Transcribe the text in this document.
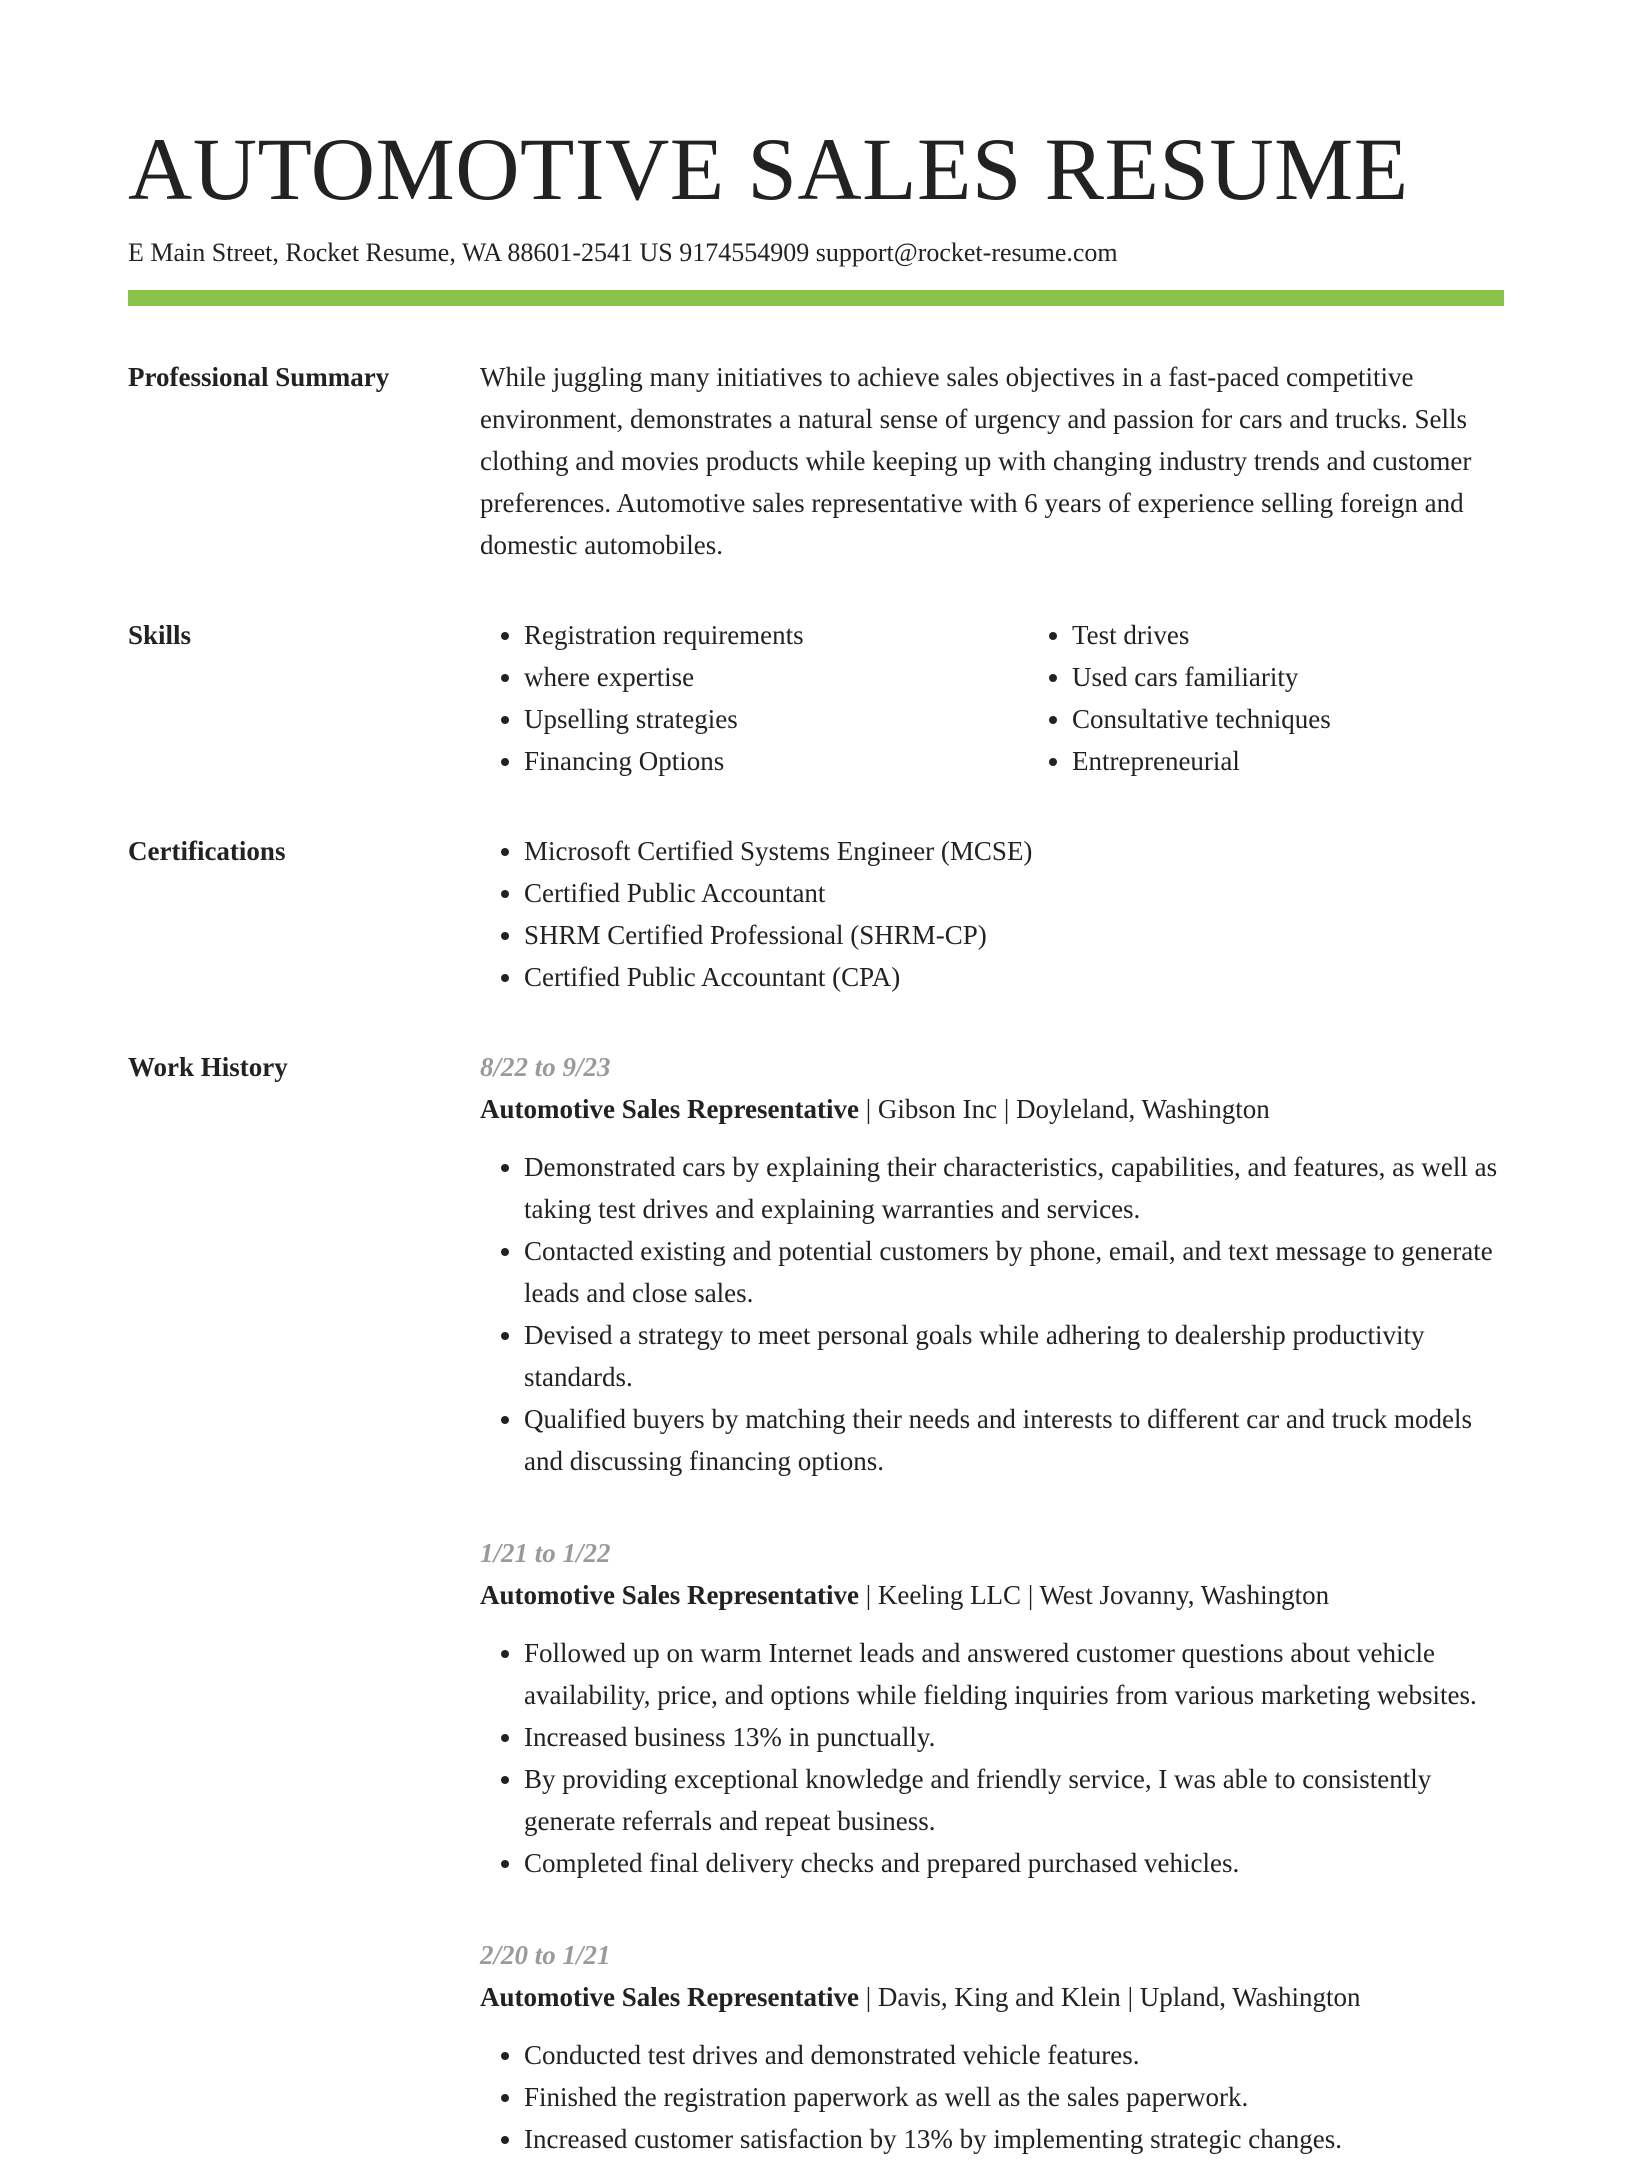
AUTOMOTIVE SALES RESUME
E Main Street, Rocket Resume, WA 88601-2541 US 9174554909 support@rocket-resume.com
Professional Summary	While juggling many initiatives to achieve sales objectives in a fast-paced competitive environment, demonstrates a natural sense of urgency and passion for cars and trucks. Sells clothing and movies products while keeping up with changing industry trends and customer preferences. Automotive sales representative with 6 years of experience selling foreign and domestic automobiles.

Skills	• Registration requirements
• where expertise
• Upselling strategies
• Financing Options
• Test drives
• Used cars familiarity
• Consultative techniques
• Entrepreneurial
Certifications	• Microsoft Certified Systems Engineer (MCSE)
• Certified Public Accountant
• SHRM Certified Professional (SHRM-CP)
• Certified Public Accountant (CPA)
Work History	8/22 to 9/23
Automotive Sales Representative | Gibson Inc | Doyleland, Washington
• Demonstrated cars by explaining their characteristics, capabilities, and features, as well as taking test drives and explaining warranties and services.
• Contacted existing and potential customers by phone, email, and text message to generate leads and close sales.
• Devised a strategy to meet personal goals while adhering to dealership productivity standards.
• Qualified buyers by matching their needs and interests to different car and truck models and discussing financing options.
1/21 to 1/22
Automotive Sales Representative | Keeling LLC | West Jovanny, Washington
• Followed up on warm Internet leads and answered customer questions about vehicle availability, price, and options while fielding inquiries from various marketing websites.
• Increased business 13% in punctually.
• By providing exceptional knowledge and friendly service, I was able to consistently generate referrals and repeat business.
• Completed final delivery checks and prepared purchased vehicles.
2/20 to 1/21
Automotive Sales Representative | Davis, King and Klein | Upland, Washington
• Conducted test drives and demonstrated vehicle features.
• Finished the registration paperwork as well as the sales paperwork.
• Increased customer satisfaction by 13% by implementing strategic changes.
